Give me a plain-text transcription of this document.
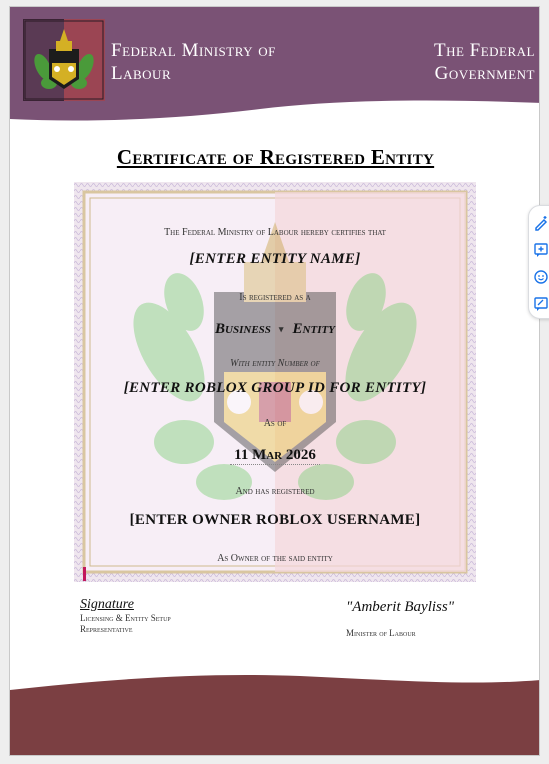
Federal Ministry of
Labour
The Federal
Government
Certificate of Registered Entity
The Federal Ministry of Labour hereby certifies that
[ENTER ENTITY NAME]
Is registered as a
Business ▾ Entity
With entity Number of
[ENTER ROBLOX GROUP ID FOR ENTITY]
As of
11 Mar 2026
And has registered
[ENTER OWNER ROBLOX USERNAME]
As Owner of the said entity
Signature
Licensing & Entity Setup
Representative
"Amberit Bayliss"
Minister of Labour
